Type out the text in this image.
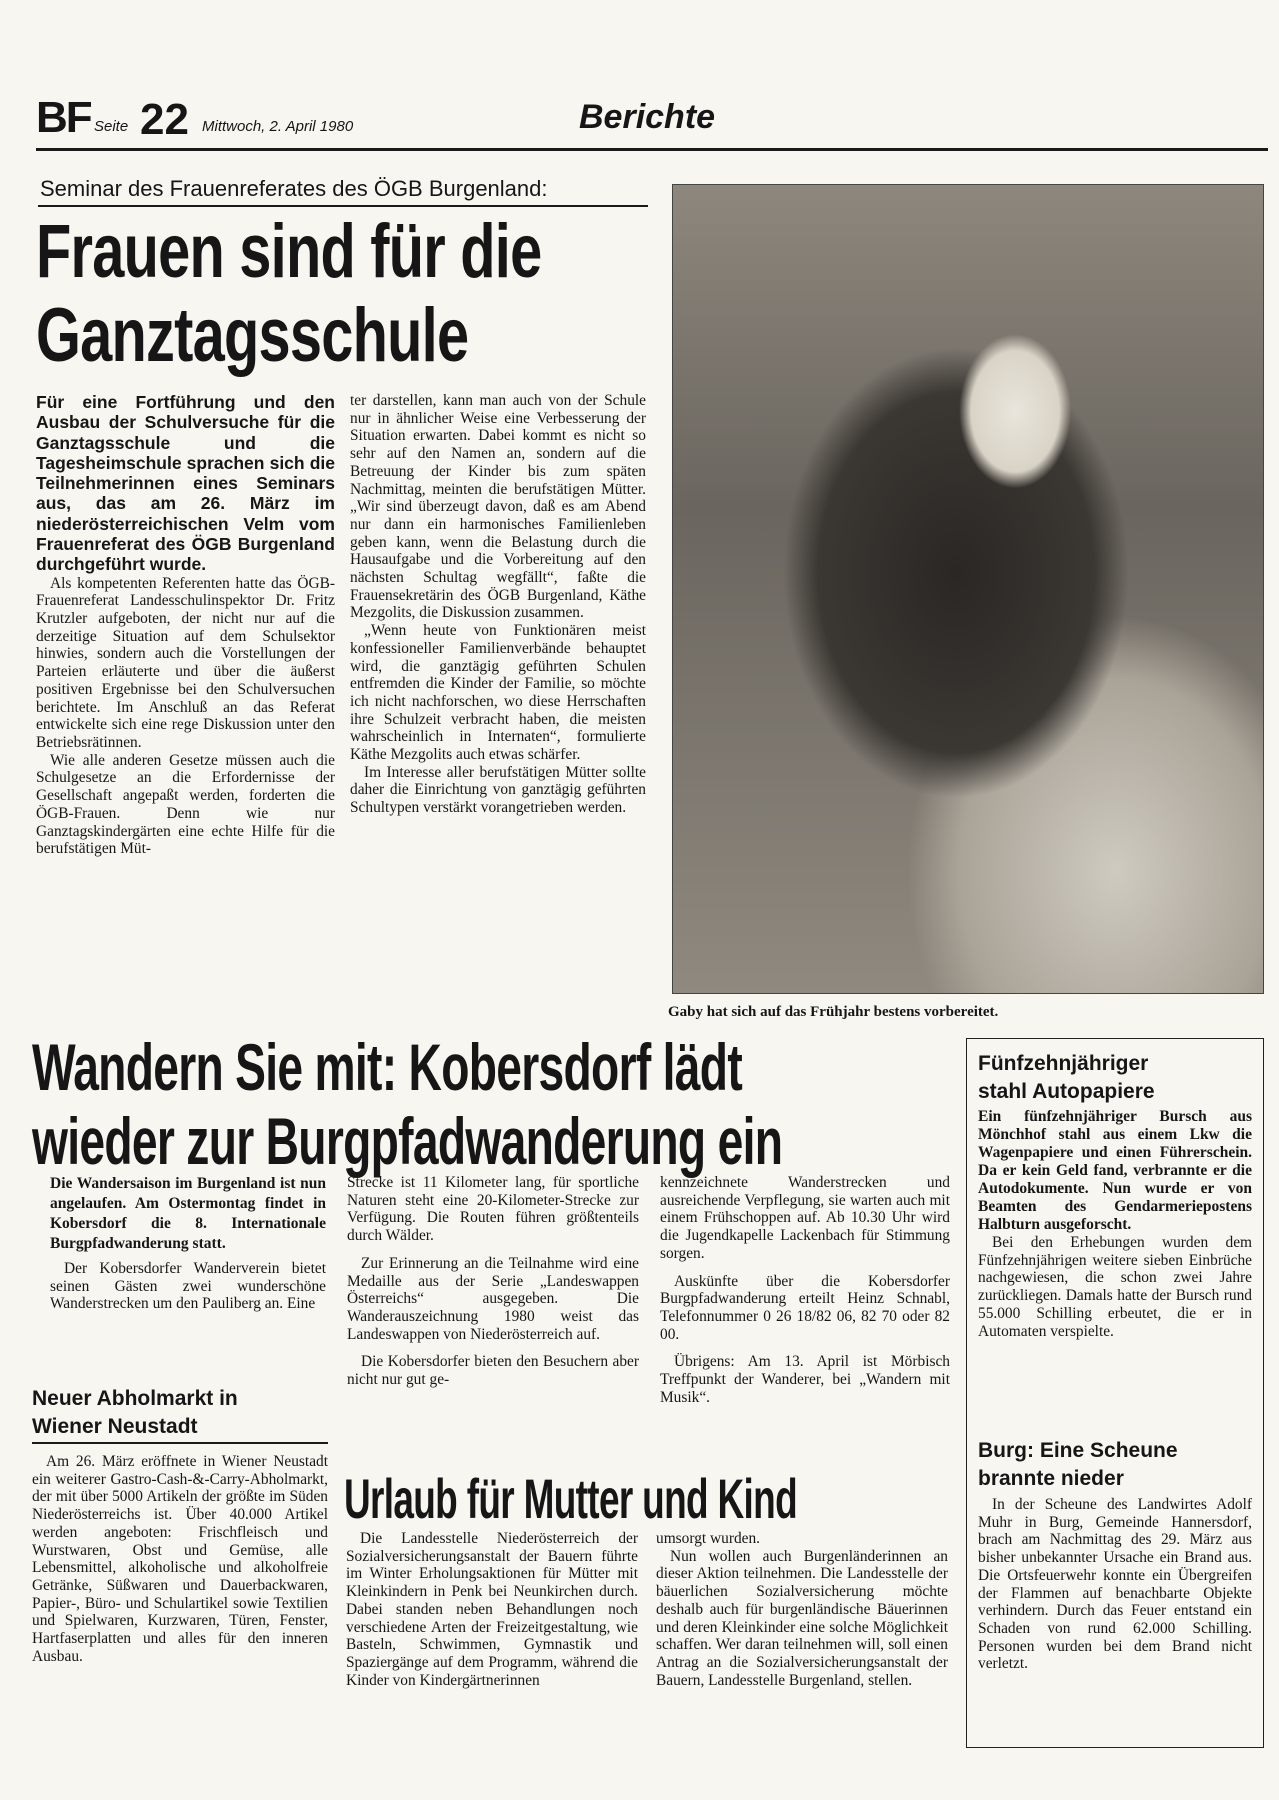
BF Seite 22 Mittwoch, 2. April 1980	Berichte
Seminar des Frauenreferates des ÖGB Burgenland:
Frauen sind für die
Ganztagsschule

Für eine Fortführung und den Ausbau der Schulversuche für die Ganztagsschule und die Tagesheimschule sprachen sich die Teilnehmerinnen eines Seminars aus, das am 26. März im niederösterreichischen Velm vom Frauenreferat des ÖGB Burgenland durchgeführt wurde.

Als kompetenten Referenten hatte das ÖGB-Frauenreferat Landesschulinspektor Dr. Fritz Krutzler aufgeboten, der nicht nur auf die derzeitige Situation auf dem Schulsektor hinwies, sondern auch die Vorstellungen der Parteien erläuterte und über die äußerst positiven Ergebnisse bei den Schulversuchen berichtete. Im Anschluß an das Referat entwickelte sich eine rege Diskussion unter den Betriebsrätinnen.

Wie alle anderen Gesetze müssen auch die Schulgesetze an die Erfordernisse der Gesellschaft angepaßt werden, forderten die ÖGB-Frauen. Denn wie nur Ganztagskindergärten eine echte Hilfe für die berufstätigen Müt-

ter darstellen, kann man auch von der Schule nur in ähnlicher Weise eine Verbesserung der Situation erwarten. Dabei kommt es nicht so sehr auf den Namen an, sondern auf die Betreuung der Kinder bis zum späten Nachmittag, meinten die berufstätigen Mütter. „Wir sind überzeugt davon, daß es am Abend nur dann ein harmonisches Familienleben geben kann, wenn die Belastung durch die Hausaufgabe und die Vorbereitung auf den nächsten Schultag wegfällt“, faßte die Frauensekretärin des ÖGB Burgenland, Käthe Mezgolits, die Diskussion zusammen.

„Wenn heute von Funktionären meist konfessioneller Familienverbände behauptet wird, die ganztägig geführten Schulen entfremden die Kinder der Familie, so möchte ich nicht nachforschen, wo diese Herrschaften ihre Schulzeit verbracht haben, die meisten wahrscheinlich in Internaten“, formulierte Käthe Mezgolits auch etwas schärfer.

Im Interesse aller berufstätigen Mütter sollte daher die Einrichtung von ganztägig geführten Schultypen verstärkt vorangetrieben werden.

Gaby hat sich auf das Frühjahr bestens vorbereitet.
Wandern Sie mit: Kobersdorf lädt
wieder zur Burgpfadwanderung ein

Die Wandersaison im Burgenland ist nun angelaufen. Am Ostermontag findet in Kobersdorf die 8. Internationale Burgpfadwanderung statt.

Der Kobersdorfer Wanderverein bietet seinen Gästen zwei wunderschöne Wanderstrecken um den Pauliberg an. Eine

Strecke ist 11 Kilometer lang, für sportliche Naturen steht eine 20-Kilometer-Strecke zur Verfügung. Die Routen führen größtenteils durch Wälder.

Zur Erinnerung an die Teilnahme wird eine Medaille aus der Serie „Landeswappen Österreichs“ ausgegeben. Die Wanderauszeichnung 1980 weist das Landeswappen von Niederösterreich auf.

Die Kobersdorfer bieten den Besuchern aber nicht nur gut ge-

kennzeichnete Wanderstrecken und ausreichende Verpflegung, sie warten auch mit einem Frühschoppen auf. Ab 10.30 Uhr wird die Jugendkapelle Lackenbach für Stimmung sorgen.

Auskünfte über die Kobersdorfer Burgpfadwanderung erteilt Heinz Schnabl, Telefonnummer 0 26 18/82 06, 82 70 oder 82 00.

Übrigens: Am 13. April ist Mörbisch Treffpunkt der Wanderer, bei „Wandern mit Musik“.

Neuer Abholmarkt in
Wiener Neustadt

Am 26. März eröffnete in Wiener Neustadt ein weiterer Gastro-Cash-&-Carry-Abholmarkt, der mit über 5000 Artikeln der größte im Süden Niederösterreichs ist. Über 40.000 Artikel werden angeboten: Frischfleisch und Wurstwaren, Obst und Gemüse, alle Lebensmittel, alkoholische und alkoholfreie Getränke, Süßwaren und Dauerbackwaren, Papier-, Büro- und Schulartikel sowie Textilien und Spielwaren, Kurzwaren, Türen, Fenster, Hartfaserplatten und alles für den inneren Ausbau.

Urlaub für Mutter und Kind

Die Landesstelle Niederösterreich der Sozialversicherungsanstalt der Bauern führte im Winter Erholungsaktionen für Mütter mit Kleinkindern in Penk bei Neunkirchen durch. Dabei standen neben Behandlungen noch verschiedene Arten der Freizeitgestaltung, wie Basteln, Schwimmen, Gymnastik und Spaziergänge auf dem Programm, während die Kinder von Kindergärtnerinnen

umsorgt wurden.

Nun wollen auch Burgenländerinnen an dieser Aktion teilnehmen. Die Landesstelle der bäuerlichen Sozialversicherung möchte deshalb auch für burgenländische Bäuerinnen und deren Kleinkinder eine solche Möglichkeit schaffen. Wer daran teilnehmen will, soll einen Antrag an die Sozialversicherungsanstalt der Bauern, Landesstelle Burgenland, stellen.

Fünfzehnjähriger
stahl Autopapiere

Ein fünfzehnjähriger Bursch aus Mönchhof stahl aus einem Lkw die Wagenpapiere und einen Führerschein. Da er kein Geld fand, verbrannte er die Autodokumente. Nun wurde er von Beamten des Gendarmeriepostens Halbturn ausgeforscht.

Bei den Erhebungen wurden dem Fünfzehnjährigen weitere sieben Einbrüche nachgewiesen, die schon zwei Jahre zurückliegen. Damals hatte der Bursch rund 55.000 Schilling erbeutet, die er in Automaten verspielte.

Burg: Eine Scheune
brannte nieder

In der Scheune des Landwirtes Adolf Muhr in Burg, Gemeinde Hannersdorf, brach am Nachmittag des 29. März aus bisher unbekannter Ursache ein Brand aus. Die Ortsfeuerwehr konnte ein Übergreifen der Flammen auf benachbarte Objekte verhindern. Durch das Feuer entstand ein Schaden von rund 62.000 Schilling. Personen wurden bei dem Brand nicht verletzt.
